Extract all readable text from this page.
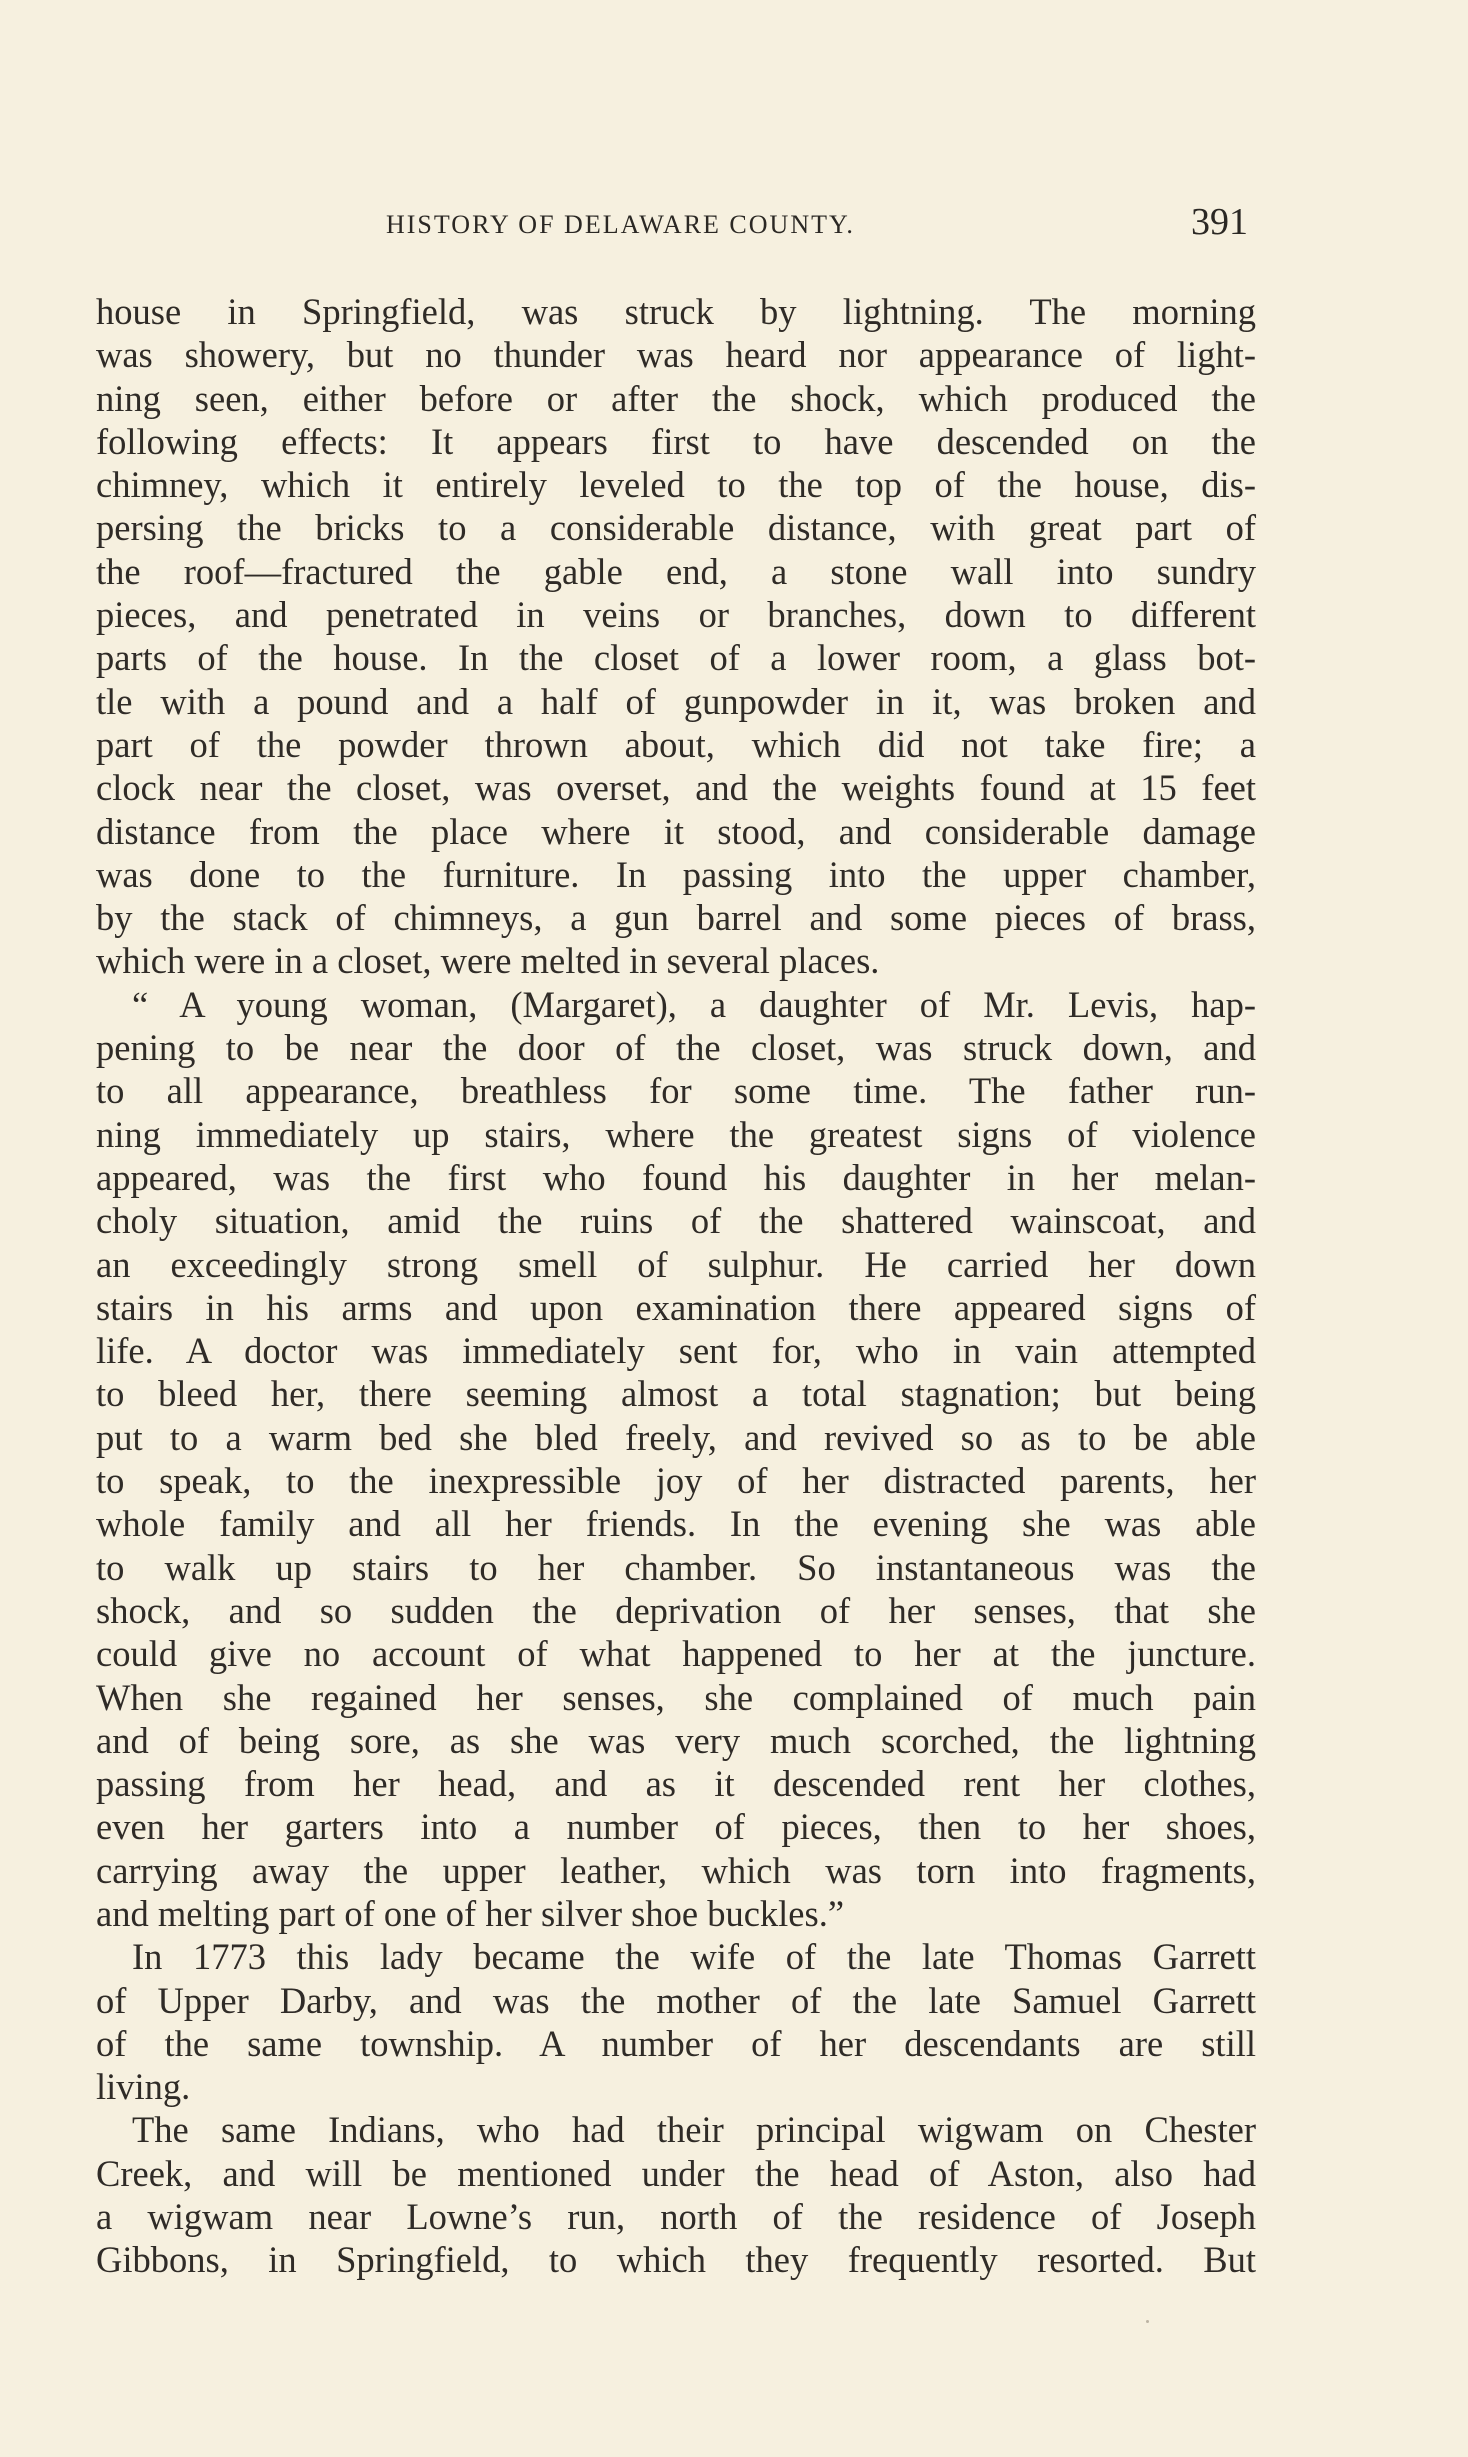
HISTORY OF DELAWARE COUNTY.	391
house in Springfield, was struck by lightning. The morning
was showery, but no thunder was heard nor appearance of light-
ning seen, either before or after the shock, which produced the
following effects: It appears first to have descended on the
chimney, which it entirely leveled to the top of the house, dis-
persing the bricks to a considerable distance, with great part of
the roof—fractured the gable end, a stone wall into sundry
pieces, and penetrated in veins or branches, down to different
parts of the house. In the closet of a lower room, a glass bot-
tle with a pound and a half of gunpowder in it, was broken and
part of the powder thrown about, which did not take fire; a
clock near the closet, was overset, and the weights found at 15 feet
distance from the place where it stood, and considerable damage
was done to the furniture. In passing into the upper chamber,
by the stack of chimneys, a gun barrel and some pieces of brass,
which were in a closet, were melted in several places.
“ A young woman, (Margaret), a daughter of Mr. Levis, hap-
pening to be near the door of the closet, was struck down, and
to all appearance, breathless for some time. The father run-
ning immediately up stairs, where the greatest signs of violence
appeared, was the first who found his daughter in her melan-
choly situation, amid the ruins of the shattered wainscoat, and
an exceedingly strong smell of sulphur. He carried her down
stairs in his arms and upon examination there appeared signs of
life. A doctor was immediately sent for, who in vain attempted
to bleed her, there seeming almost a total stagnation; but being
put to a warm bed she bled freely, and revived so as to be able
to speak, to the inexpressible joy of her distracted parents, her
whole family and all her friends. In the evening she was able
to walk up stairs to her chamber. So instantaneous was the
shock, and so sudden the deprivation of her senses, that she
could give no account of what happened to her at the juncture.
When she regained her senses, she complained of much pain
and of being sore, as she was very much scorched, the lightning
passing from her head, and as it descended rent her clothes,
even her garters into a number of pieces, then to her shoes,
carrying away the upper leather, which was torn into fragments,
and melting part of one of her silver shoe buckles.”
In 1773 this lady became the wife of the late Thomas Garrett
of Upper Darby, and was the mother of the late Samuel Garrett
of the same township. A number of her descendants are still
living.
The same Indians, who had their principal wigwam on Chester
Creek, and will be mentioned under the head of Aston, also had
a wigwam near Lowne’s run, north of the residence of Joseph
Gibbons, in Springfield, to which they frequently resorted. But
